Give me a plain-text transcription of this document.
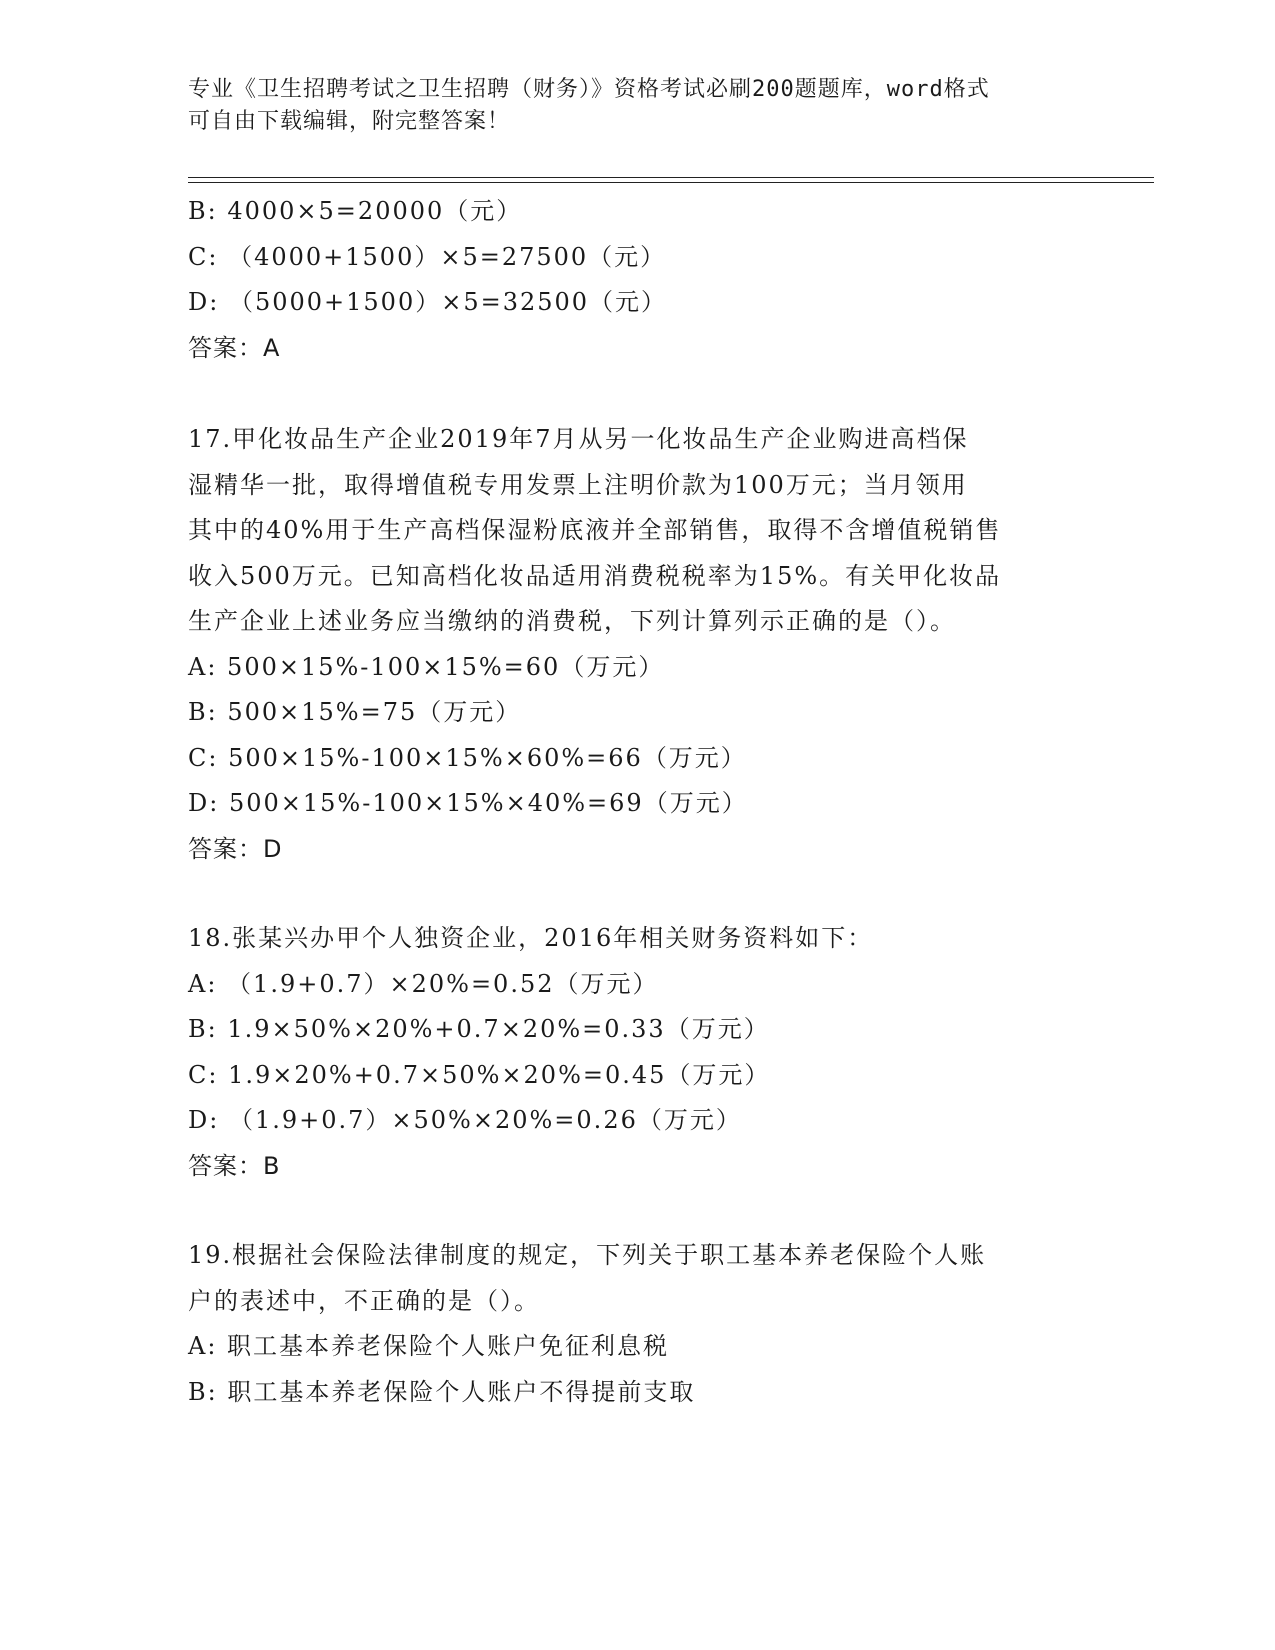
专业《卫生招聘考试之卫生招聘（财务）》资格考试必刷200题题库，word格式
可自由下载编辑，附完整答案！
B: 4000×5=20000（元）
C: （4000+1500）×5=27500（元）
D: （5000+1500）×5=32500（元）
答案：A
17.甲化妆品生产企业2019年7月从另一化妆品生产企业购进高档保
湿精华一批，取得增值税专用发票上注明价款为100万元；当月领用
其中的40%用于生产高档保湿粉底液并全部销售，取得不含增值税销售
收入500万元。已知高档化妆品适用消费税税率为15%。有关甲化妆品
生产企业上述业务应当缴纳的消费税，下列计算列示正确的是（）。
A: 500×15%-100×15%=60（万元）
B: 500×15%=75（万元）
C: 500×15%-100×15%×60%=66（万元）
D: 500×15%-100×15%×40%=69（万元）
答案：D
18.张某兴办甲个人独资企业，2016年相关财务资料如下：
A: （1.9+0.7）×20%=0.52（万元）
B: 1.9×50%×20%+0.7×20%=0.33（万元）
C: 1.9×20%+0.7×50%×20%=0.45（万元）
D: （1.9+0.7）×50%×20%=0.26（万元）
答案：B
19.根据社会保险法律制度的规定，下列关于职工基本养老保险个人账
户的表述中，不正确的是（）。
A: 职工基本养老保险个人账户免征利息税
B: 职工基本养老保险个人账户不得提前支取
